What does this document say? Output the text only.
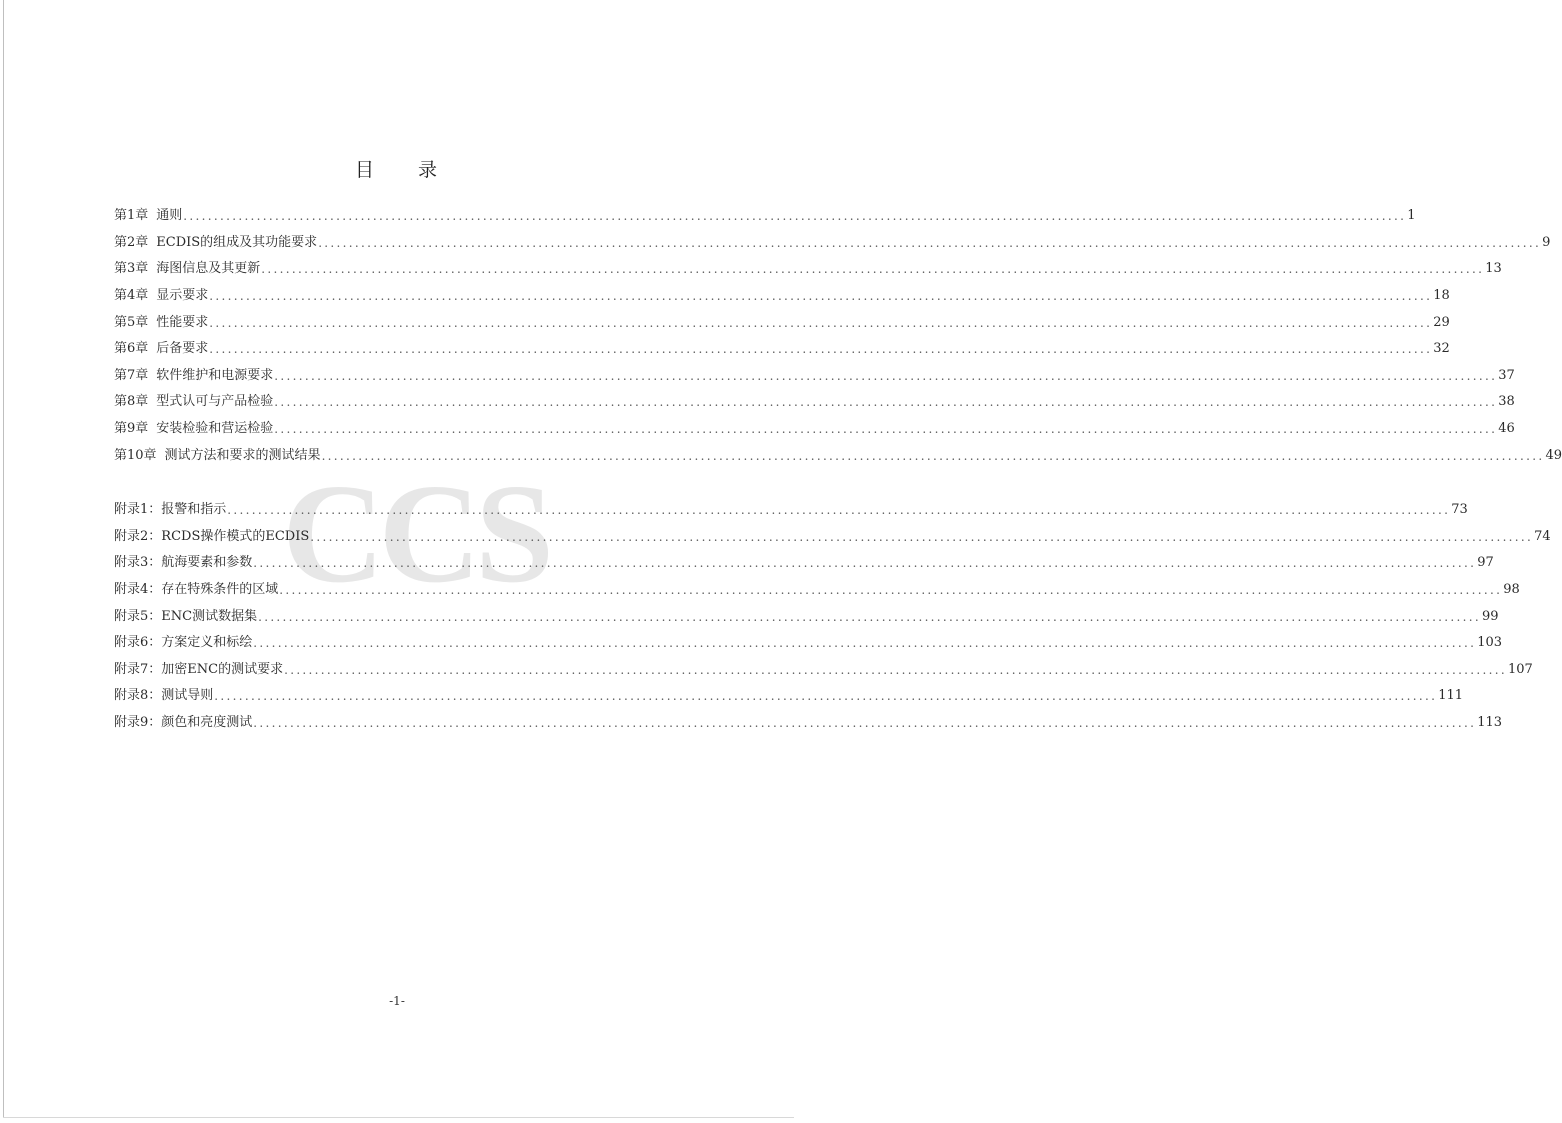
CCS
目 录
第1章 通则 ........................................................................................................................................................................................................ 1
第2章 ECDIS的组成及其功能要求 ........................................................................................................................................................................................................ 9
第3章 海图信息及其更新 ........................................................................................................................................................................................................ 13
第4章 显示要求 ........................................................................................................................................................................................................ 18
第5章 性能要求 ........................................................................................................................................................................................................ 29
第6章 后备要求 ........................................................................................................................................................................................................ 32
第7章 软件维护和电源要求 ........................................................................................................................................................................................................ 37
第8章 型式认可与产品检验 ........................................................................................................................................................................................................ 38
第9章 安装检验和营运检验 ........................................................................................................................................................................................................ 46
第10章 测试方法和要求的测试结果 ........................................................................................................................................................................................................ 49
附录1： 报警和指示 ........................................................................................................................................................................................................ 73
附录2： RCDS操作模式的ECDIS ........................................................................................................................................................................................................ 74
附录3： 航海要素和参数 ........................................................................................................................................................................................................ 97
附录4： 存在特殊条件的区域 ........................................................................................................................................................................................................ 98
附录5： ENC测试数据集 ........................................................................................................................................................................................................ 99
附录6： 方案定义和标绘 ........................................................................................................................................................................................................ 103
附录7： 加密ENC的测试要求 ........................................................................................................................................................................................................ 107
附录8： 测试导则 ........................................................................................................................................................................................................ 111
附录9： 颜色和亮度测试 ........................................................................................................................................................................................................ 113
-1-
